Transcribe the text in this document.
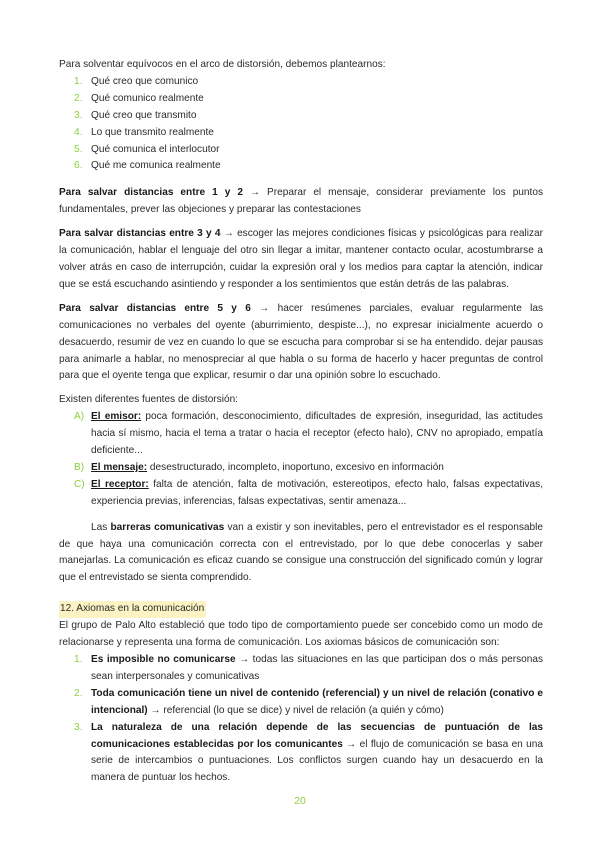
Para solventar equívocos en el arco de distorsión, debemos plantearnos:

1. Qué creo que comunico
2. Qué comunico realmente
3. Qué creo que transmito
4. Lo que transmito realmente
5. Qué comunica el interlocutor
6. Qué me comunica realmente

Para salvar distancias entre 1 y 2 → Preparar el mensaje, considerar previamente los puntos fundamentales, prever las objeciones y preparar las contestaciones

Para salvar distancias entre 3 y 4 → escoger las mejores condiciones físicas y psicológicas para realizar la comunicación, hablar el lenguaje del otro sin llegar a imitar, mantener contacto ocular, acostumbrarse a volver atrás en caso de interrupción, cuidar la expresión oral y los medios para captar la atención, indicar que se está escuchando asintiendo y responder a los sentimientos que están detrás de las palabras.

Para salvar distancias entre 5 y 6 → hacer resúmenes parciales, evaluar regularmente las comunicaciones no verbales del oyente (aburrimiento, despiste...), no expresar inicialmente acuerdo o desacuerdo, resumir de vez en cuando lo que se escucha para comprobar si se ha entendido. dejar pausas para animarle a hablar, no menospreciar al que habla o su forma de hacerlo y hacer preguntas de control para que el oyente tenga que explicar, resumir o dar una opinión sobre lo escuchado.

Existen diferentes fuentes de distorsión:

A) El emisor: poca formación, desconocimiento, dificultades de expresión, inseguridad, las actitudes hacia sí mismo, hacia el tema a tratar o hacia el receptor (efecto halo), CNV no apropiado, empatía deficiente...
B) El mensaje: desestructurado, incompleto, inoportuno, excesivo en información
C) El receptor: falta de atención, falta de motivación, estereotipos, efecto halo, falsas expectativas, experiencia previas, inferencias, falsas expectativas, sentir amenaza...

Las barreras comunicativas van a existir y son inevitables, pero el entrevistador es el responsable de que haya una comunicación correcta con el entrevistado, por lo que debe conocerlas y saber manejarlas. La comunicación es eficaz cuando se consigue una construcción del significado común y lograr que el entrevistado se sienta comprendido.

12. Axiomas en la comunicación

El grupo de Palo Alto estableció que todo tipo de comportamiento puede ser concebido como un modo de relacionarse y representa una forma de comunicación. Los axiomas básicos de comunicación son:

1. Es imposible no comunicarse → todas las situaciones en las que participan dos o más personas sean interpersonales y comunicativas
2. Toda comunicación tiene un nivel de contenido (referencial) y un nivel de relación (conativo e intencional) → referencial (lo que se dice) y nivel de relación (a quién y cómo)
3. La naturaleza de una relación depende de las secuencias de puntuación de las comunicaciones establecidas por los comunicantes → el flujo de comunicación se basa en una serie de intercambios o puntuaciones. Los conflictos surgen cuando hay un desacuerdo en la manera de puntuar los hechos.
20
